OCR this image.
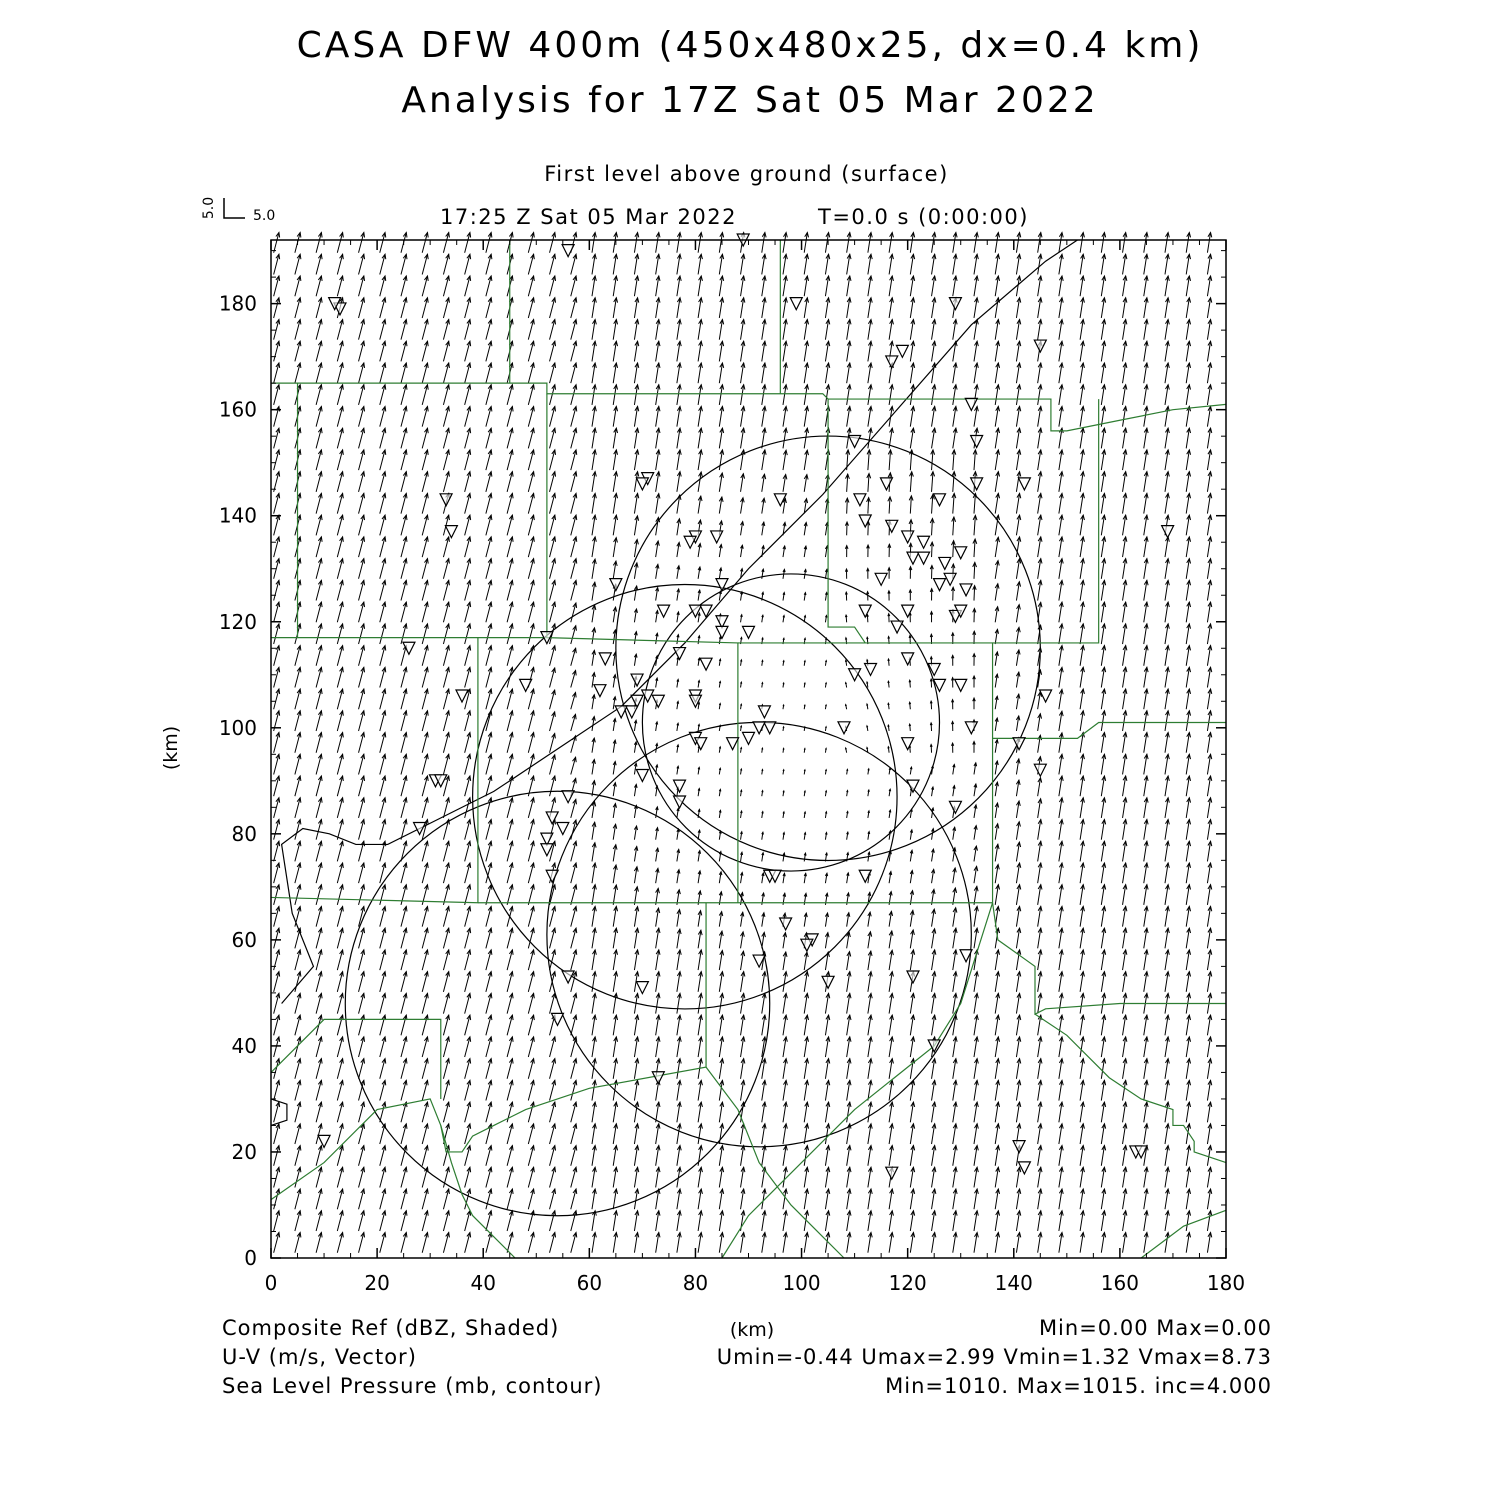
0	20	40	60	80	100	120	140	160	180
0
20
40
60
80
100
120
140
160
180
5.0	5.0
(km)
(km)
CASA DFW 400m (450x480x25, dx=0.4 km)
Analysis for 17Z Sat 05 Mar 2022
First level above ground (surface)
17:25 Z Sat 05 Mar 2022	T=0.0 s (0:00:00)
Composite Ref (dBZ, Shaded)	Min=0.00 Max=0.00
U-V (m/s, Vector)	Umin=-0.44 Umax=2.99 Vmin=1.32 Vmax=8.73
Sea Level Pressure (mb, contour)	Min=1010. Max=1015. inc=4.000
